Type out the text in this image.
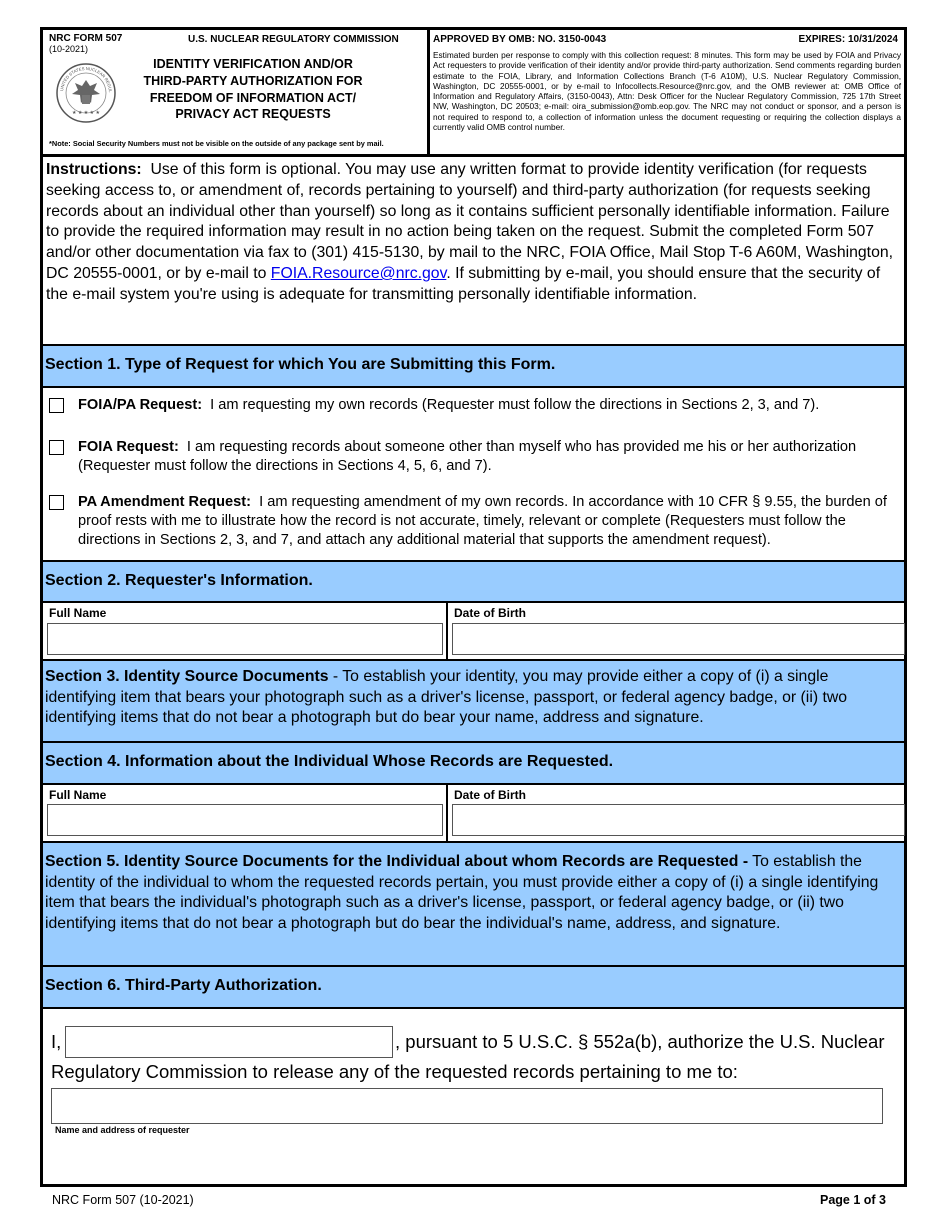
NRC FORM 507
(10-2021)
U.S. NUCLEAR REGULATORY COMMISSION
UNITED STATES NUCLEAR REGUL
★ ★ ★ ★ ★
IDENTITY VERIFICATION AND/OR
THIRD-PARTY AUTHORIZATION FOR
FREEDOM OF INFORMATION ACT/
PRIVACY ACT REQUESTS
*Note: Social Security Numbers must not be visible on the outside of any package sent by mail.
APPROVED BY OMB: NO. 3150-0043	EXPIRES: 10/31/2024
Estimated burden per response to comply with this collection request: 8 minutes. This form may be used by FOIA and Privacy Act requesters to provide verification of their identity and/or provide third-party authorization. Send comments regarding burden estimate to the FOIA, Library, and Information Collections Branch (T-6 A10M), U.S. Nuclear Regulatory Commission, Washington, DC 20555-0001, or by e-mail to Infocollects.Resource@nrc.gov, and the OMB reviewer at: OMB Office of Information and Regulatory Affairs, (3150-0043), Attn: Desk Officer for the Nuclear Regulatory Commission, 725 17th Street NW, Washington, DC 20503; e-mail: oira_submission@omb.eop.gov. The NRC may not conduct or sponsor, and a person is not required to respond to, a collection of information unless the document requesting or requiring the collection displays a currently valid OMB control number.
Instructions: Use of this form is optional. You may use any written format to provide identity verification (for requests seeking access to, or amendment of, records pertaining to yourself) and third-party authorization (for requests seeking records about an individual other than yourself) so long as it contains sufficient personally identifiable information. Failure to provide the required information may result in no action being taken on the request. Submit the completed Form 507 and/or other documentation via fax to (301) 415-5130, by mail to the NRC, FOIA Office, Mail Stop T-6 A60M, Washington, DC 20555-0001, or by e-mail to FOIA.Resource@nrc.gov. If submitting by e-mail, you should ensure that the security of the e-mail system you're using is adequate for transmitting personally identifiable information.
Section 1. Type of Request for which You are Submitting this Form.
FOIA/PA Request: I am requesting my own records (Requester must follow the directions in Sections 2, 3, and 7).
FOIA Request: I am requesting records about someone other than myself who has provided me his or her authorization (Requester must follow the directions in Sections 4, 5, 6, and 7).
PA Amendment Request: I am requesting amendment of my own records. In accordance with 10 CFR § 9.55, the burden of proof rests with me to illustrate how the record is not accurate, timely, relevant or complete (Requesters must follow the directions in Sections 2, 3, and 7, and attach any additional material that supports the amendment request).
Section 2. Requester's Information.
Full Name	Date of Birth
Section 3. Identity Source Documents - To establish your identity, you may provide either a copy of (i) a single identifying item that bears your photograph such as a driver's license, passport, or federal agency badge, or (ii) two identifying items that do not bear a photograph but do bear your name, address and signature.
Section 4. Information about the Individual Whose Records are Requested.
Full Name	Date of Birth
Section 5. Identity Source Documents for the Individual about whom Records are Requested - To establish the identity of the individual to whom the requested records pertain, you must provide either a copy of (i) a single identifying item that bears the individual's photograph such as a driver's license, passport, or federal agency badge, or (ii) two identifying items that do not bear a photograph but do bear the individual's name, address, and signature.
Section 6. Third-Party Authorization.
I,	, pursuant to 5 U.S.C. § 552a(b), authorize the U.S. Nuclear
Regulatory Commission to release any of the requested records pertaining to me to:
Name and address of requester
NRC Form 507 (10-2021)	Page 1 of 3
